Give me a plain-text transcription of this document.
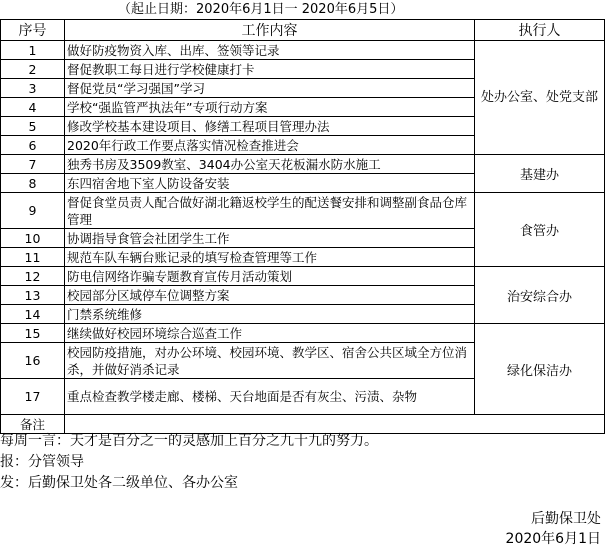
（起止日期：2020年6月1日一 2020年6月5日）
序号	工作内容	执行人
1	做好防疫物资入库、出库、签领等记录	处办公室、处党支部
2	督促教职工每日进行学校健康打卡	
3	督促党员“学习强国”学习	
4	学校“强监管严执法年”专项行动方案	
5	修改学校基本建设项目、修缮工程项目管理办法	
6	2020年行政工作要点落实情况检查推进会	
7	独秀书房及3509教室、3404办公室天花板漏水防水施工	基建办
8	东四宿舍地下室人防设备安装	
9	督促食堂员责人配合做好湖北籍返校学生的配送餐安排和调整副食品仓库管理	食管办
10	协调指导食管会社团学生工作	
11	规范车队车辆台账记录的填写检查管理等工作	
12	防电信网络诈骗专题教育宣传月活动策划	治安综合办
13	校园部分区域停车位调整方案	
14	门禁系统维修	
15	继续做好校园环境综合巡查工作	绿化保洁办
16	校园防疫措施，对办公环境、校园环境、教学区、宿舍公共区域全方位消杀，并做好消杀记录	
17	重点检查教学楼走廊、楼梯、天台地面是否有灰尘、污渍、杂物	
备注		
每周一言：天才是百分之一的灵感加上百分之九十九的努力。
报：分管领导
发：后勤保卫处各二级单位、各办公室
后勤保卫处
2020年6月1日
